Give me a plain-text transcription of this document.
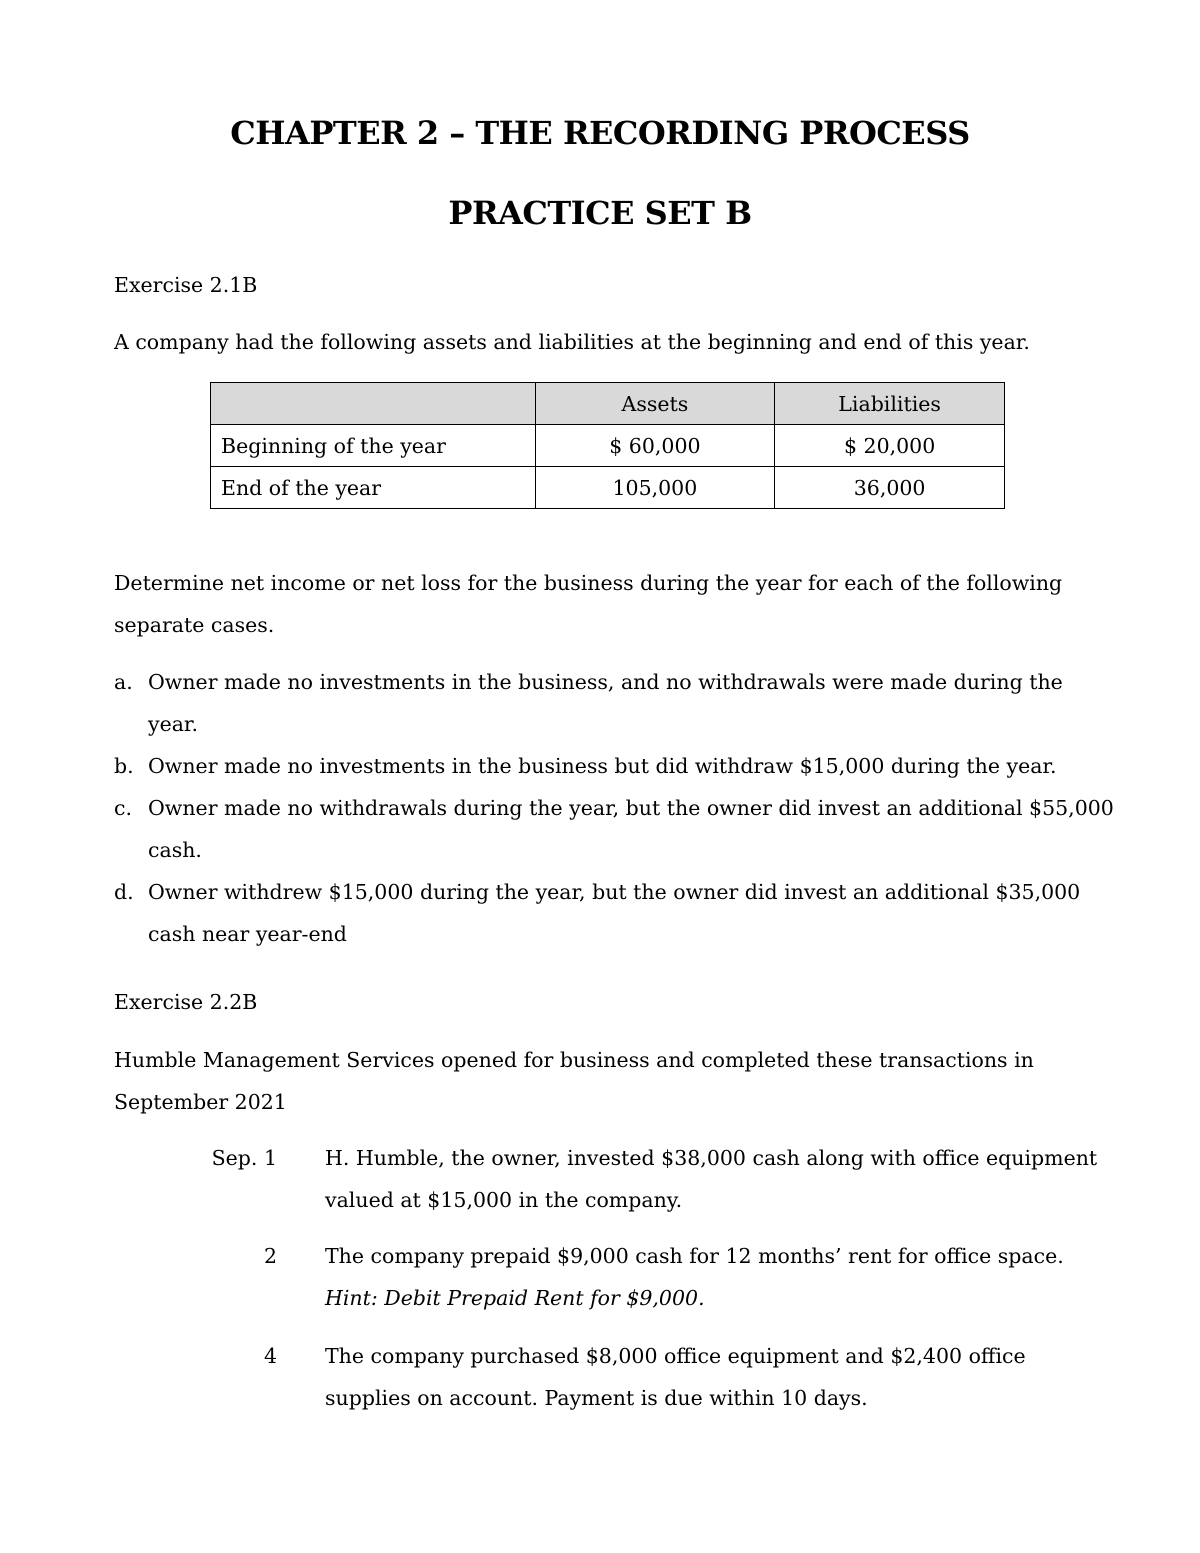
CHAPTER 2 – THE RECORDING PROCESS
PRACTICE SET B
Exercise 2.1B
A company had the following assets and liabilities at the beginning and end of this year.
	Assets	Liabilities
Beginning of the year	$ 60,000	$ 20,000
End of the year	105,000	36,000
Determine net income or net loss for the business during the year for each of the following separate cases.
a. Owner made no investments in the business, and no withdrawals were made during the year.
b. Owner made no investments in the business but did withdraw $15,000 during the year.
c. Owner made no withdrawals during the year, but the owner did invest an additional $55,000 cash.
d. Owner withdrew $15,000 during the year, but the owner did invest an additional $35,000 cash near year-end
Exercise 2.2B
Humble Management Services opened for business and completed these transactions in September 2021
Sep. 1 H. Humble, the owner, invested $38,000 cash along with office equipment valued at $15,000 in the company.
2 The company prepaid $9,000 cash for 12 months’ rent for office space. Hint: Debit Prepaid Rent for $9,000.
4 The company purchased $8,000 office equipment and $2,400 office supplies on account. Payment is due within 10 days.
